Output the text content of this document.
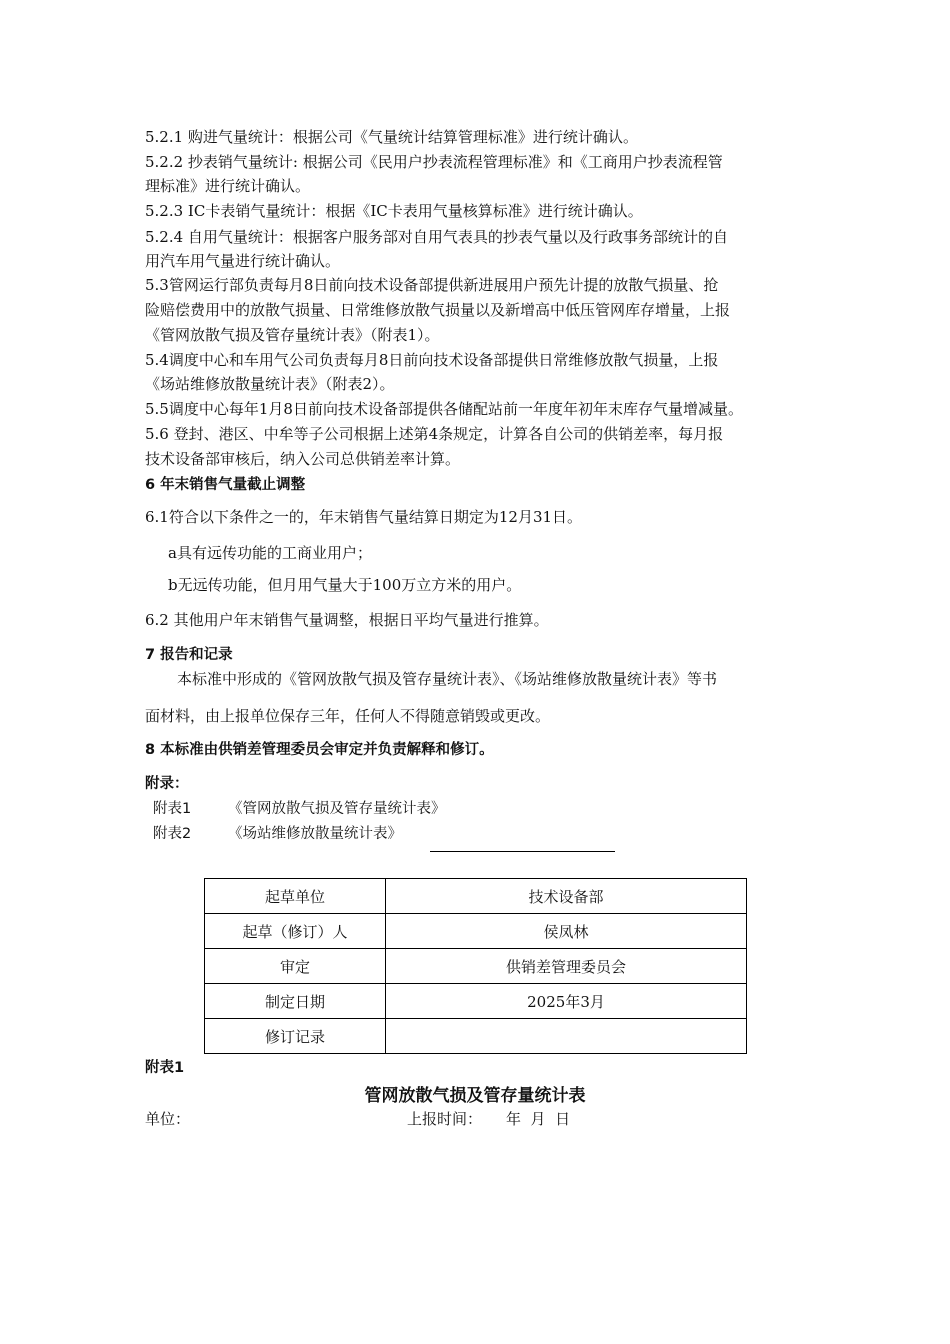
5.2.1 购进气量统计：根据公司《气量统计结算管理标准》进行统计确认。
5.2.2 抄表销气量统计: 根据公司《民用户抄表流程管理标准》和《工商用户抄表流程管
理标准》进行统计确认。
5.2.3 IC卡表销气量统计：根据《IC卡表用气量核算标准》进行统计确认。
5.2.4 自用气量统计：根据客户服务部对自用气表具的抄表气量以及行政事务部统计的自
用汽车用气量进行统计确认。
5.3管网运行部负责每月8日前向技术设备部提供新进展用户预先计提的放散气损量、抢
险赔偿费用中的放散气损量、日常维修放散气损量以及新增高中低压管网库存增量，上报
《管网放散气损及管存量统计表》（附表1）。
5.4调度中心和车用气公司负责每月8日前向技术设备部提供日常维修放散气损量，上报
《场站维修放散量统计表》（附表2）。
5.5调度中心每年1月8日前向技术设备部提供各储配站前一年度年初年末库存气量增减量。
5.6 登封、港区、中牟等子公司根据上述第4条规定，计算各自公司的供销差率，每月报
技术设备部审核后，纳入公司总供销差率计算。
6 年末销售气量截止调整
6.1符合以下条件之一的，年末销售气量结算日期定为12月31日。
a具有远传功能的工商业用户；
b无远传功能，但月用气量大于100万立方米的用户。
6.2 其他用户年末销售气量调整，根据日平均气量进行推算。
7 报告和记录
本标准中形成的《管网放散气损及管存量统计表》、《场站维修放散量统计表》等书
面材料，由上报单位保存三年，任何人不得随意销毁或更改。
8 本标准由供销差管理委员会审定并负责解释和修订。
附录：
附表1	《管网放散气损及管存量统计表》
附表2	《场站维修放散量统计表》
起草单位	技术设备部
起草（修订）人	侯凤林
审定	供销差管理委员会
制定日期	2025年3月
修订记录	
附表1
管网放散气损及管存量统计表
单位：	上报时间： 年  月  日
